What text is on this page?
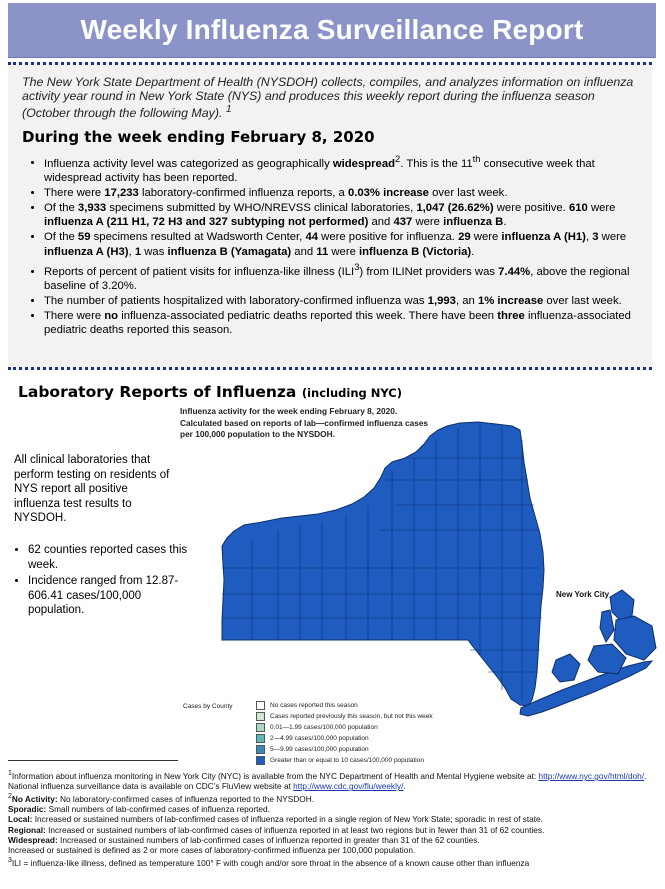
Weekly Influenza Surveillance Report
The New York State Department of Health (NYSDOH) collects, compiles, and analyzes information on influenza activity year round in New York State (NYS) and produces this weekly report during the influenza season (October through the following May). $^1$
During the week ending February 8, 2020
• Influenza activity level was categorized as geographically widespread$^2$. This is the 11th consecutive week that widespread activity has been reported.
• There were 17,233 laboratory-confirmed influenza reports, a 0.03% increase over last week.
• Of the 3,933 specimens submitted by WHO/NREVSS clinical laboratories, 1,047 (26.62%) were positive. 610 were influenza A (211 H1, 72 H3 and 327 subtyping not performed) and 437 were influenza B.
• Of the 59 specimens resulted at Wadsworth Center, 44 were positive for influenza. 29 were influenza A (H1), 3 were influenza A (H3), 1 was influenza B (Yamagata) and 11 were influenza B (Victoria).
• Reports of percent of patient visits for influenza-like illness (ILI$^3$) from ILINet providers was 7.44%, above the regional baseline of 3.20%.
• The number of patients hospitalized with laboratory-confirmed influenza was 1,993, an 1% increase over last week.
• There were no influenza-associated pediatric deaths reported this week. There have been three influenza-associated pediatric deaths reported this season.
Laboratory Reports of Influenza (including NYC)
Influenza activity for the week ending February 8, 2020. Calculated based on reports of lab—confirmed influenza cases per 100,000 population to the NYSDOH.
All clinical laboratories that perform testing on residents of NYS report all positive influenza test results to NYSDOH.
• 62 counties reported cases this week.
• Incidence ranged from 12.87-606.41 cases/100,000 population.
New York City
Cases by County	No cases reported this season
Cases reported previously this season, but not this week
0.01—1.99 cases/100,000 population
2—4.99 cases/100,000 population
5—9.99 cases/100,000 population
Greater than or equal to 10 cases/100,000 population

$^1$Information about influenza monitoring in New York City (NYC) is available from the NYC Department of Health and Mental Hygiene website at: http://www.nyc.gov/html/doh/. National influenza surveillance data is available on CDC’s FluView website at http://www.cdc.gov/flu/weekly/.

$^2$No Activity: No laboratory-confirmed cases of influenza reported to the NYSDOH.

Sporadic: Small numbers of lab-confirmed cases of influenza reported.

Local: Increased or sustained numbers of lab-confirmed cases of influenza reported in a single region of New York State; sporadic in rest of state.

Regional: Increased or sustained numbers of lab-confirmed cases of influenza reported in at least two regions but in fewer than 31 of 62 counties.

Widespread: Increased or sustained numbers of lab-confirmed cases of influenza reported in greater than 31 of the 62 counties.

Increased or sustained is defined as 2 or more cases of laboratory-confirmed influenza per 100,000 population.

$^3$ILI = influenza-like illness, defined as temperature 100° F with cough and/or sore throat in the absence of a known cause other than influenza
